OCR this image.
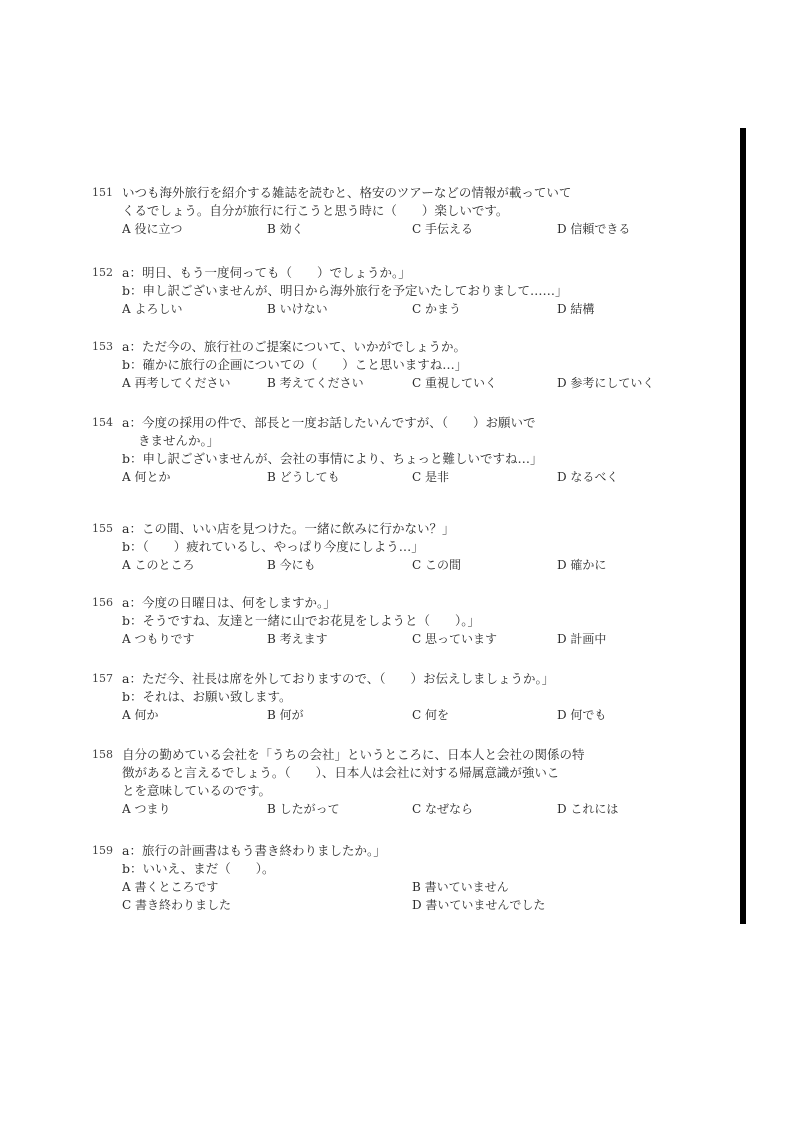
151 いつも海外旅行を紹介する雑誌を読むと、格安のツアーなどの情報が載っていて
くるでしょう。自分が旅行に行こうと思う時に（　　）楽しいです。
A 役に立つ	B 効く	C 手伝える	D 信頼できる
152 a：明日、もう一度伺っても（　　）でしょうか。」
b：申し訳ございませんが、明日から海外旅行を予定いたしておりまして……」
A よろしい	B いけない	C かまう	D 結構
153 a：ただ今の、旅行社のご提案について、いかがでしょうか。
b：確かに旅行の企画についての（　　）こと思いますね…」
A 再考してください	B 考えてください	C 重視していく	D 参考にしていく
154 a：今度の採用の件で、部長と一度お話したいんですが、（　　）お願いで
きませんか。」
b：申し訳ございませんが、会社の事情により、ちょっと難しいですね…」
A 何とか	B どうしても	C 是非	D なるべく
155 a：この間、いい店を見つけた。一緒に飲みに行かない？」
b：（　　）疲れているし、やっぱり今度にしよう…」
A このところ	B 今にも	C この間	D 確かに
156 a：今度の日曜日は、何をしますか。」
b：そうですね、友達と一緒に山でお花見をしようと（　　）。」
A つもりです	B 考えます	C 思っています	D 計画中
157 a：ただ今、社長は席を外しておりますので、（　　）お伝えしましょうか。」
b：それは、お願い致します。
A 何か	B 何が	C 何を	D 何でも
158 自分の勤めている会社を「うちの会社」というところに、日本人と会社の関係の特
徴があると言えるでしょう。（　　）、日本人は会社に対する帰属意識が強いこ
とを意味しているのです。
A つまり	B したがって	C なぜなら	D これには
159 a：旅行の計画書はもう書き終わりましたか。」
b：いいえ、まだ（　　）。
A 書くところです	B 書いていません
C 書き終わりました	D 書いていませんでした
